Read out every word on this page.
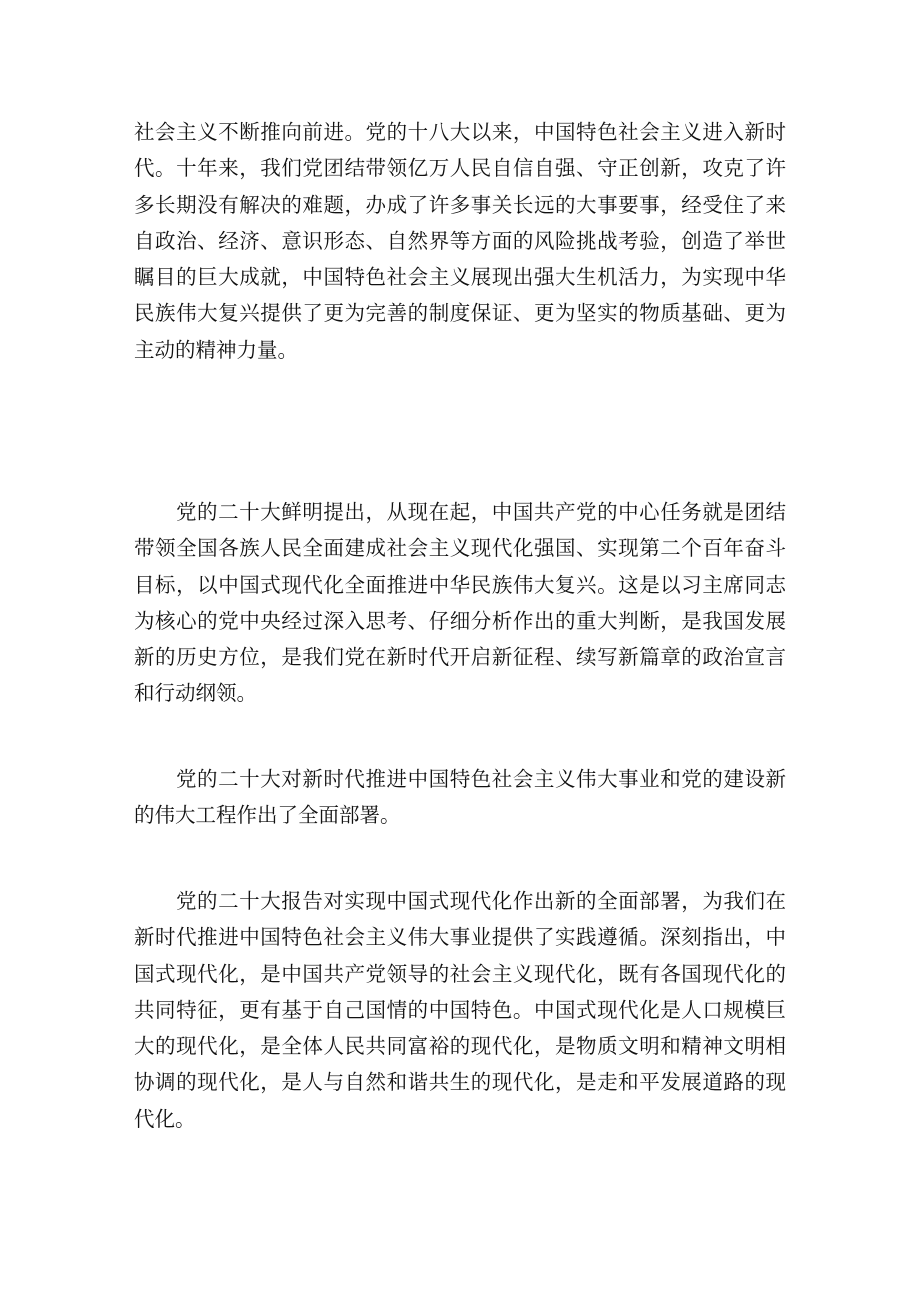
社会主义不断推向前进。党的十八大以来，中国特色社会主义进入新时代。十年来，我们党团结带领亿万人民自信自强、守正创新，攻克了许多长期没有解决的难题，办成了许多事关长远的大事要事，经受住了来自政治、经济、意识形态、自然界等方面的风险挑战考验，创造了举世瞩目的巨大成就，中国特色社会主义展现出强大生机活力，为实现中华民族伟大复兴提供了更为完善的制度保证、更为坚实的物质基础、更为主动的精神力量。

党的二十大鲜明提出，从现在起，中国共产党的中心任务就是团结带领全国各族人民全面建成社会主义现代化强国、实现第二个百年奋斗目标，以中国式现代化全面推进中华民族伟大复兴。这是以习主席同志为核心的党中央经过深入思考、仔细分析作出的重大判断，是我国发展新的历史方位，是我们党在新时代开启新征程、续写新篇章的政治宣言和行动纲领。

党的二十大对新时代推进中国特色社会主义伟大事业和党的建设新的伟大工程作出了全面部署。

党的二十大报告对实现中国式现代化作出新的全面部署，为我们在新时代推进中国特色社会主义伟大事业提供了实践遵循。深刻指出，中国式现代化，是中国共产党领导的社会主义现代化，既有各国现代化的共同特征，更有基于自己国情的中国特色。中国式现代化是人口规模巨大的现代化，是全体人民共同富裕的现代化，是物质文明和精神文明相协调的现代化，是人与自然和谐共生的现代化，是走和平发展道路的现代化。
